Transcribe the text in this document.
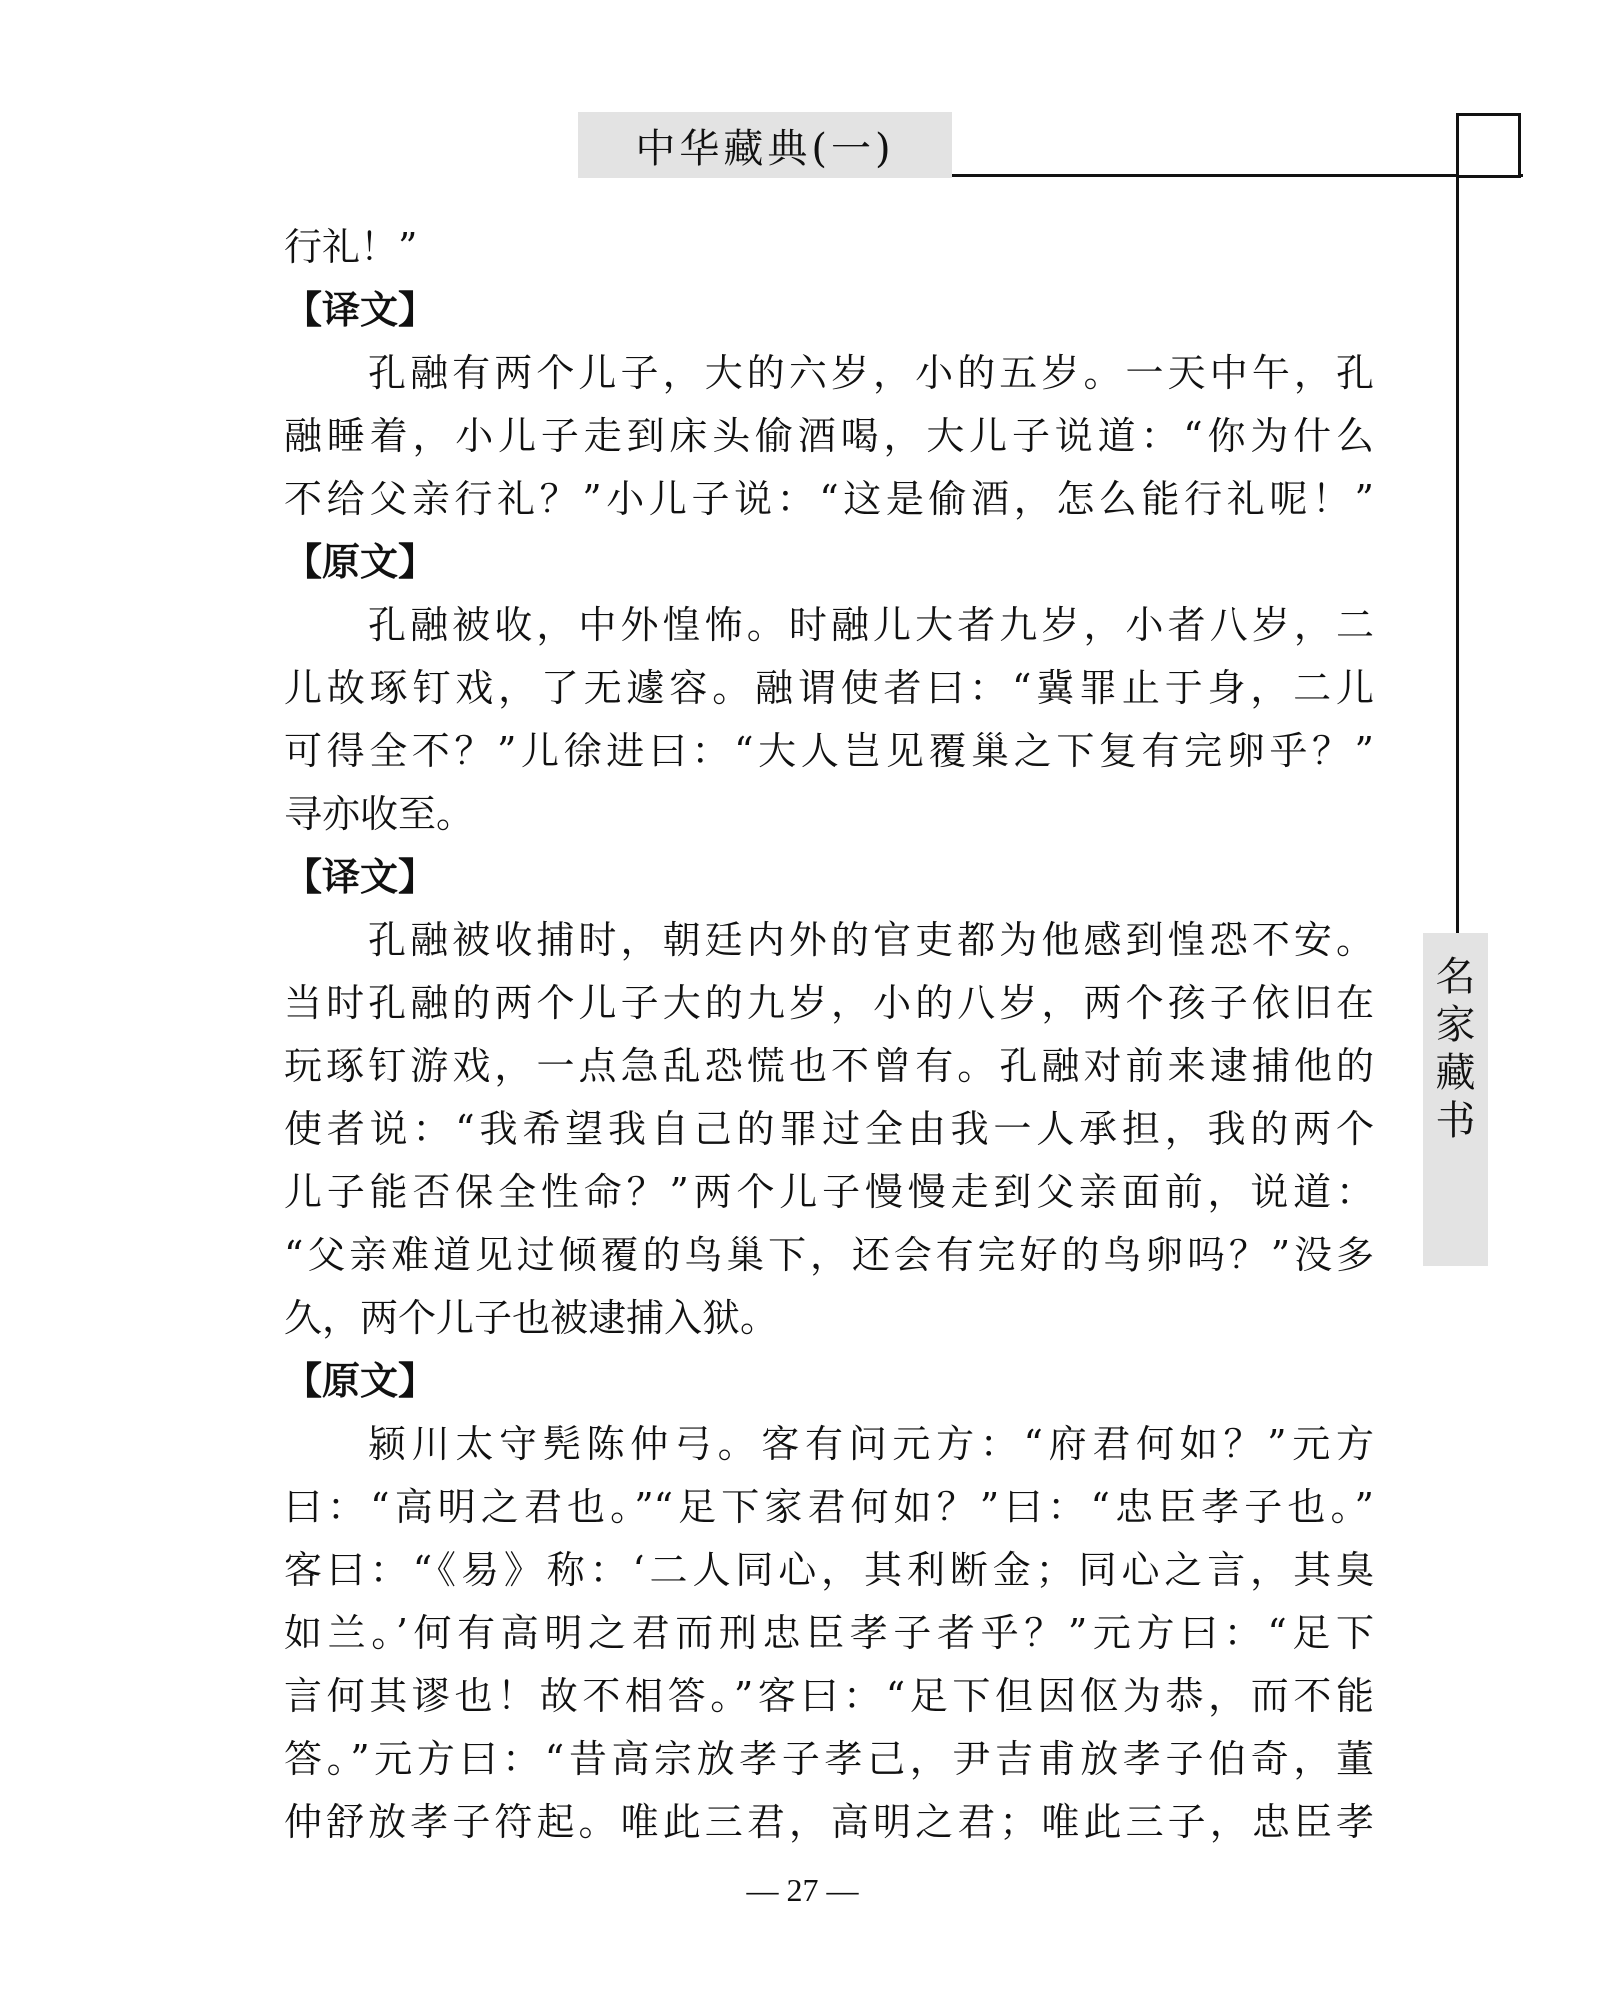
中华藏典(一)
名
家
藏
书
行礼！”
【译文】
孔融有两个儿子，大的六岁，小的五岁。一天中午，孔
融睡着，小儿子走到床头偷酒喝，大儿子说道：“你为什么
不给父亲行礼？”小儿子说：“这是偷酒，怎么能行礼呢！”
【原文】
孔融被收，中外惶怖。时融儿大者九岁，小者八岁，二
儿故琢钉戏，了无遽容。融谓使者曰：“冀罪止于身，二儿
可得全不？”儿徐进曰：“大人岂见覆巢之下复有完卵乎？”
寻亦收至。
【译文】
孔融被收捕时，朝廷内外的官吏都为他感到惶恐不安。
当时孔融的两个儿子大的九岁，小的八岁，两个孩子依旧在
玩琢钉游戏，一点急乱恐慌也不曾有。孔融对前来逮捕他的
使者说：“我希望我自己的罪过全由我一人承担，我的两个
儿子能否保全性命？”两个儿子慢慢走到父亲面前，说道：
“父亲难道见过倾覆的鸟巢下，还会有完好的鸟卵吗？”没多
久，两个儿子也被逮捕入狱。
【原文】
颍川太守髡陈仲弓。客有问元方：“府君何如？”元方
曰：“高明之君也。”“足下家君何如？”曰：“忠臣孝子也。”
客曰：“《易》称：‘二人同心，其利断金；同心之言，其臭
如兰。’何有高明之君而刑忠臣孝子者乎？”元方曰：“足下
言何其谬也！故不相答。”客曰：“足下但因伛为恭，而不能
答。”元方曰：“昔高宗放孝子孝己，尹吉甫放孝子伯奇，董
仲舒放孝子符起。唯此三君，高明之君；唯此三子，忠臣孝
— 27 —
